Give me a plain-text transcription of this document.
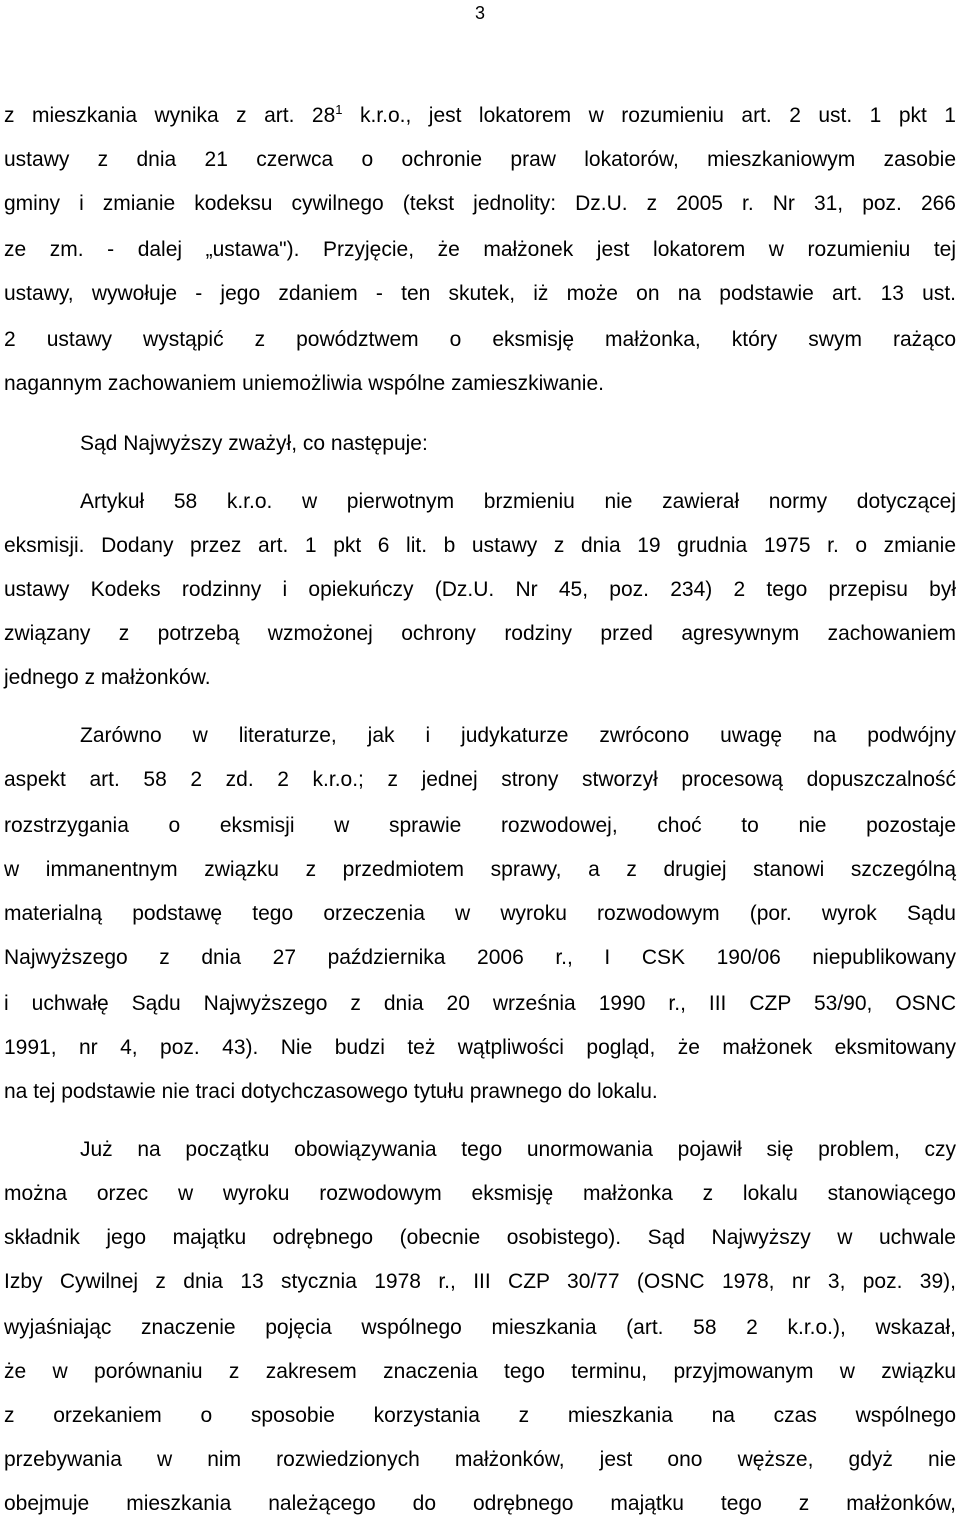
3
z mieszkania wynika z art. $28^1$ k.r.o., jest lokatorem w rozumieniu art. 2 ust. 1 pkt 1
ustawy z dnia 21 czerwca o ochronie praw lokatorów, mieszkaniowym zasobie
gminy i zmianie kodeksu cywilnego (tekst jednolity: Dz.U. z 2005 r. Nr 31, poz. 266
ze zm. - dalej „ustawa"). Przyjęcie, że małżonek jest lokatorem w rozumieniu tej
ustawy, wywołuje - jego zdaniem - ten skutek, iż może on na podstawie art. 13 ust.
2 ustawy wystąpić z powództwem o eksmisję małżonka, który swym rażąco
nagannym zachowaniem uniemożliwia wspólne zamieszkiwanie.
Sąd Najwyższy zważył, co następuje:
Artykuł 58 k.r.o. w pierwotnym brzmieniu nie zawierał normy dotyczącej
eksmisji. Dodany przez art. 1 pkt 6 lit. b ustawy z dnia 19 grudnia 1975 r. o zmianie
ustawy Kodeks rodzinny i opiekuńczy (Dz.U. Nr 45, poz. 234) 2 tego przepisu był
związany z potrzebą wzmożonej ochrony rodziny przed agresywnym zachowaniem
jednego z małżonków.
Zarówno w literaturze, jak i judykaturze zwrócono uwagę na podwójny
aspekt art. 58 2 zd. 2 k.r.o.; z jednej strony stworzył procesową dopuszczalność
rozstrzygania o eksmisji w sprawie rozwodowej, choć to nie pozostaje
w immanentnym związku z przedmiotem sprawy, a z drugiej stanowi szczególną
materialną podstawę tego orzeczenia w wyroku rozwodowym (por. wyrok Sądu
Najwyższego z dnia 27 października 2006 r., I CSK 190/06 niepublikowany
i uchwałę Sądu Najwyższego z dnia 20 września 1990 r., III CZP 53/90, OSNC
1991, nr 4, poz. 43). Nie budzi też wątpliwości pogląd, że małżonek eksmitowany
na tej podstawie nie traci dotychczasowego tytułu prawnego do lokalu.
Już na początku obowiązywania tego unormowania pojawił się problem, czy
można orzec w wyroku rozwodowym eksmisję małżonka z lokalu stanowiącego
składnik jego majątku odrębnego (obecnie osobistego). Sąd Najwyższy w uchwale
Izby Cywilnej z dnia 13 stycznia 1978 r., III CZP 30/77 (OSNC 1978, nr 3, poz. 39),
wyjaśniając znaczenie pojęcia wspólnego mieszkania (art. 58 2 k.r.o.), wskazał,
że w porównaniu z zakresem znaczenia tego terminu, przyjmowanym w związku
z orzekaniem o sposobie korzystania z mieszkania na czas wspólnego
przebywania w nim rozwiedzionych małżonków, jest ono węższe, gdyż nie
obejmuje mieszkania należącego do odrębnego majątku tego z małżonków,
